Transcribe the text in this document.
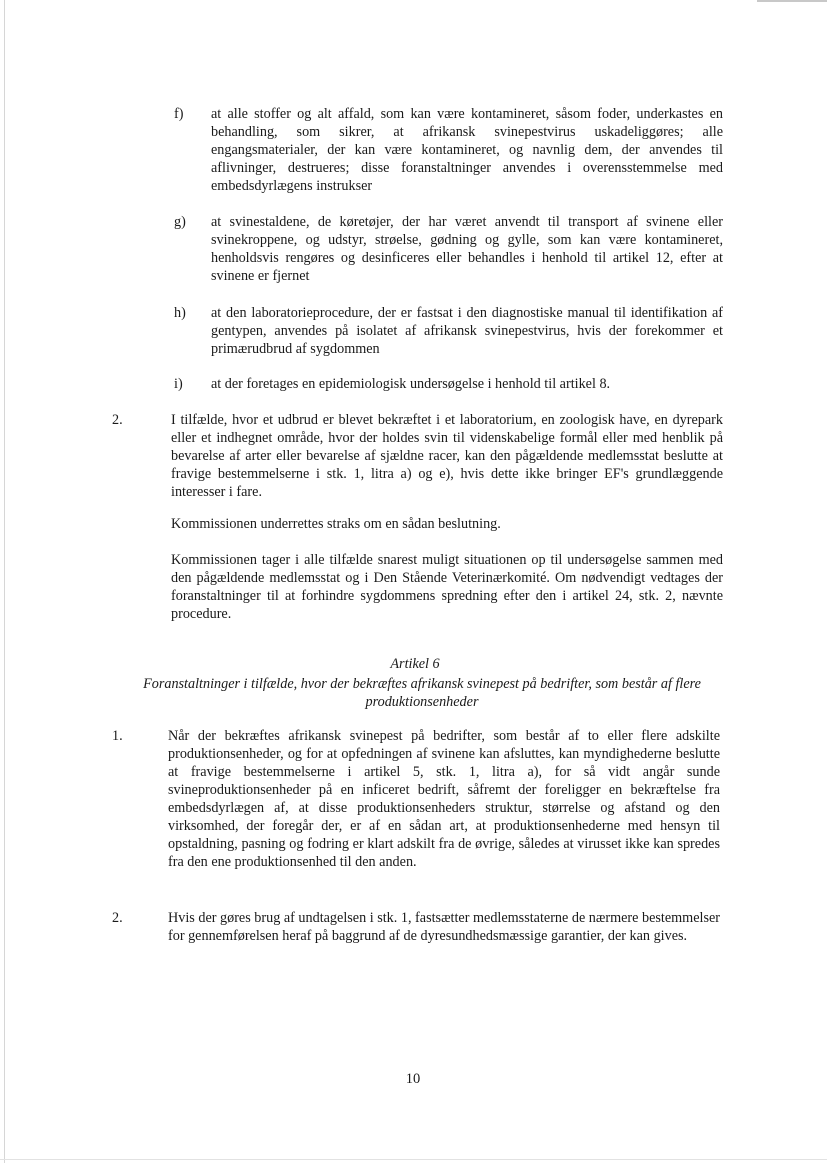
f) at alle stoffer og alt affald, som kan være kontamineret, såsom foder, underkastes en behandling, som sikrer, at afrikansk svinepestvirus uskadeliggøres; alle engangsmaterialer, der kan være kontamineret, og navnlig dem, der anvendes til aflivninger, destrueres; disse foranstaltninger anvendes i overensstemmelse med embedsdyrlægens instrukser
g) at svinestaldene, de køretøjer, der har været anvendt til transport af svinene eller svinekroppene, og udstyr, strøelse, gødning og gylle, som kan være kontamineret, henholdsvis rengøres og desinficeres eller behandles i henhold til artikel 12, efter at svinene er fjernet
h) at den laboratorieprocedure, der er fastsat i den diagnostiske manual til identifikation af gentypen, anvendes på isolatet af afrikansk svinepestvirus, hvis der forekommer et primærudbrud af sygdommen
i) at der foretages en epidemiologisk undersøgelse i henhold til artikel 8.
2.	I tilfælde, hvor et udbrud er blevet bekræftet i et laboratorium, en zoologisk have, en dyrepark eller et indhegnet område, hvor der holdes svin til videnskabelige formål eller med henblik på bevarelse af arter eller bevarelse af sjældne racer, kan den pågældende medlemsstat beslutte at fravige bestemmelserne i stk. 1, litra a) og e), hvis dette ikke bringer EF's grundlæggende interesser i fare.
Kommissionen underrettes straks om en sådan beslutning.
Kommissionen tager i alle tilfælde snarest muligt situationen op til undersøgelse sammen med den pågældende medlemsstat og i Den Stående Veterinærkomité. Om nødvendigt vedtages der foranstaltninger til at forhindre sygdommens spredning efter den i artikel 24, stk. 2, nævnte procedure.
Artikel 6
Foranstaltninger i tilfælde, hvor der bekræftes afrikansk svinepest på bedrifter, som består af flere produktionsenheder
1.	Når der bekræftes afrikansk svinepest på bedrifter, som består af to eller flere adskilte produktionsenheder, og for at opfedningen af svinene kan afsluttes, kan myndighederne beslutte at fravige bestemmelserne i artikel 5, stk. 1, litra a), for så vidt angår sunde svineproduktionsenheder på en inficeret bedrift, såfremt der foreligger en bekræftelse fra embedsdyrlægen af, at disse produktionsenheders struktur, størrelse og afstand og den virksomhed, der foregår der, er af en sådan art, at produktionsenhederne med hensyn til opstaldning, pasning og fodring er klart adskilt fra de øvrige, således at virusset ikke kan spredes fra den ene produktionsenhed til den anden.
2.	Hvis der gøres brug af undtagelsen i stk. 1, fastsætter medlemsstaterne de nærmere bestemmelser for gennemførelsen heraf på baggrund af de dyresundhedsmæssige garantier, der kan gives.
10
